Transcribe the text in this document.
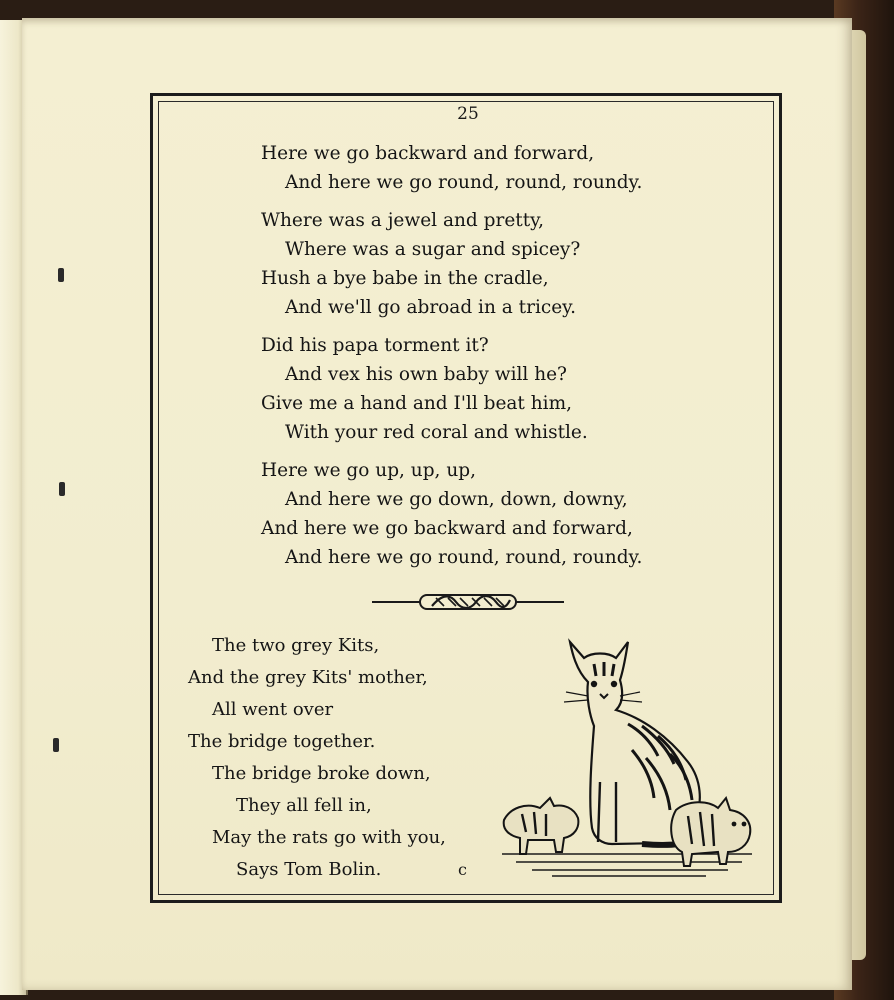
25
Here we go backward and forward,
And here we go round, round, roundy.
Where was a jewel and pretty,
Where was a sugar and spicey?
Hush a bye babe in the cradle,
And we'll go abroad in a tricey.
Did his papa torment it?
And vex his own baby will he?
Give me a hand and I'll beat him,
With your red coral and whistle.
Here we go up, up, up,
And here we go down, down, downy,
And here we go backward and forward,
And here we go round, round, roundy.
The two grey Kits,
And the grey Kits' mother,
All went over
The bridge together.
The bridge broke down,
They all fell in,
May the rats go with you,
Says Tom Bolin.	c
